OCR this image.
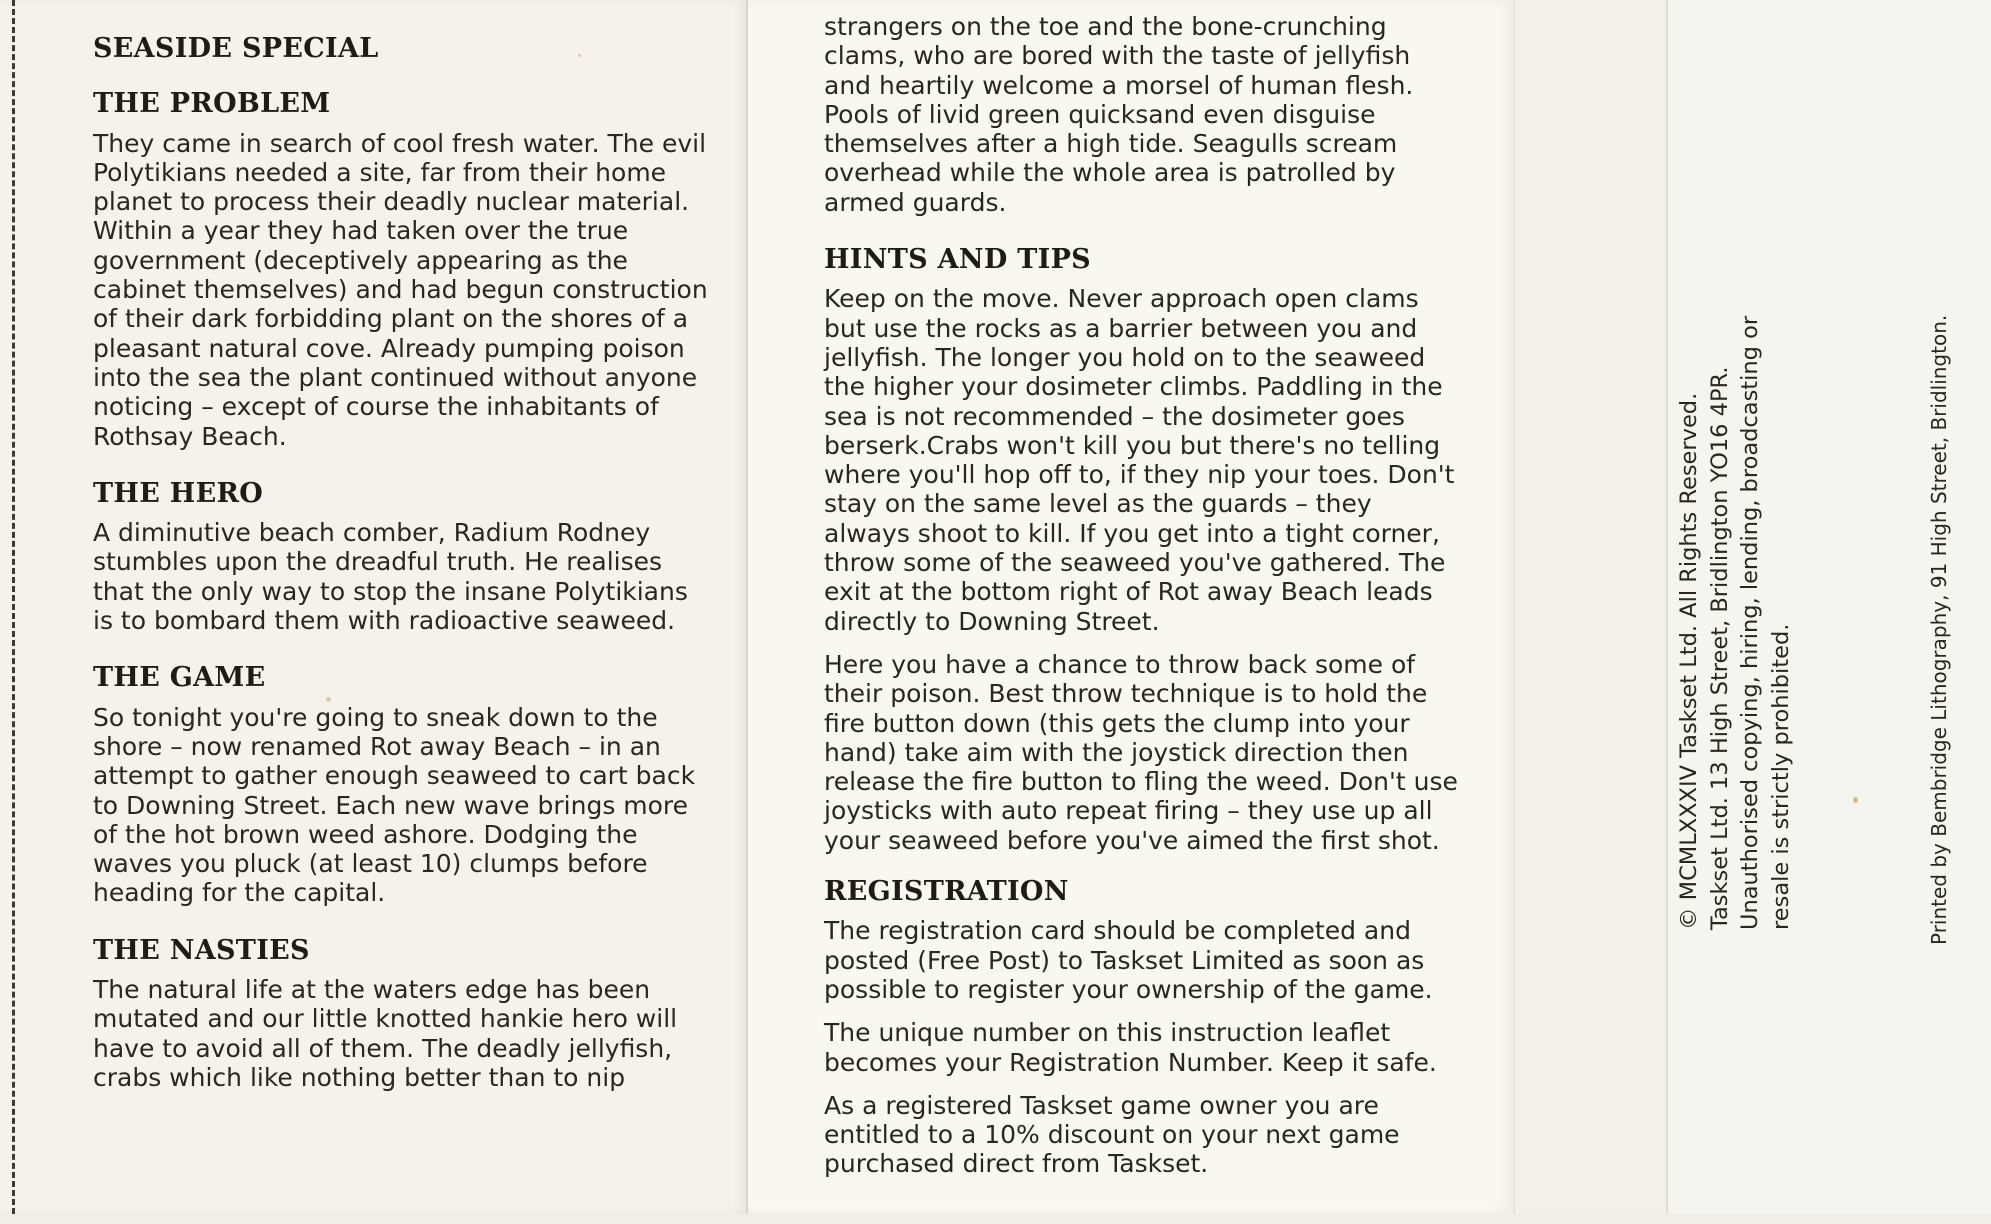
SEASIDE SPECIAL
THE PROBLEM

They came in search of cool fresh water. The evil Polytikians needed a site, far from their home planet to process their deadly nuclear material. Within a year they had taken over the true government (deceptively appearing as the cabinet themselves) and had begun construction of their dark forbidding plant on the shores of a pleasant natural cove. Already pumping poison into the sea the plant continued without anyone noticing – except of course the inhabitants of Rothsay Beach.

THE HERO

A diminutive beach comber, Radium Rodney stumbles upon the dreadful truth. He realises that the only way to stop the insane Polytikians is to bombard them with radioactive seaweed.

THE GAME

So tonight you're going to sneak down to the shore – now renamed Rot away Beach – in an attempt to gather enough seaweed to cart back to Downing Street. Each new wave brings more of the hot brown weed ashore. Dodging the waves you pluck (at least 10) clumps before heading for the capital.

THE NASTIES

The natural life at the waters edge has been mutated and our little knotted hankie hero will have to avoid all of them. The deadly jellyfish, crabs which like nothing better than to nip

strangers on the toe and the bone-crunching clams, who are bored with the taste of jellyfish and heartily welcome a morsel of human flesh. Pools of livid green quicksand even disguise themselves after a high tide. Seagulls scream overhead while the whole area is patrolled by armed guards.

HINTS AND TIPS

Keep on the move. Never approach open clams but use the rocks as a barrier between you and jellyfish. The longer you hold on to the seaweed the higher your dosimeter climbs. Paddling in the sea is not recommended – the dosimeter goes berserk.Crabs won't kill you but there's no telling where you'll hop off to, if they nip your toes. Don't stay on the same level as the guards – they always shoot to kill. If you get into a tight corner, throw some of the seaweed you've gathered. The exit at the bottom right of Rot away Beach leads directly to Downing Street.

Here you have a chance to throw back some of their poison. Best throw technique is to hold the fire button down (this gets the clump into your hand) take aim with the joystick direction then release the fire button to fling the weed. Don't use joysticks with auto repeat firing – they use up all your seaweed before you've aimed the first shot.

REGISTRATION

The registration card should be completed and posted (Free Post) to Taskset Limited as soon as possible to register your ownership of the game.

The unique number on this instruction leaflet becomes your Registration Number. Keep it safe.

As a registered Taskset game owner you are entitled to a 10% discount on your next game purchased direct from Taskset.

© MCMLXXXIV Taskset Ltd. All Rights Reserved. Taskset Ltd. 13 High Street, Bridlington YO16 4PR. Unauthorised copying, hiring, lending, broadcasting or resale is strictly prohibited.	Printed by Bembridge Lithography, 91 High Street, Bridlington.
